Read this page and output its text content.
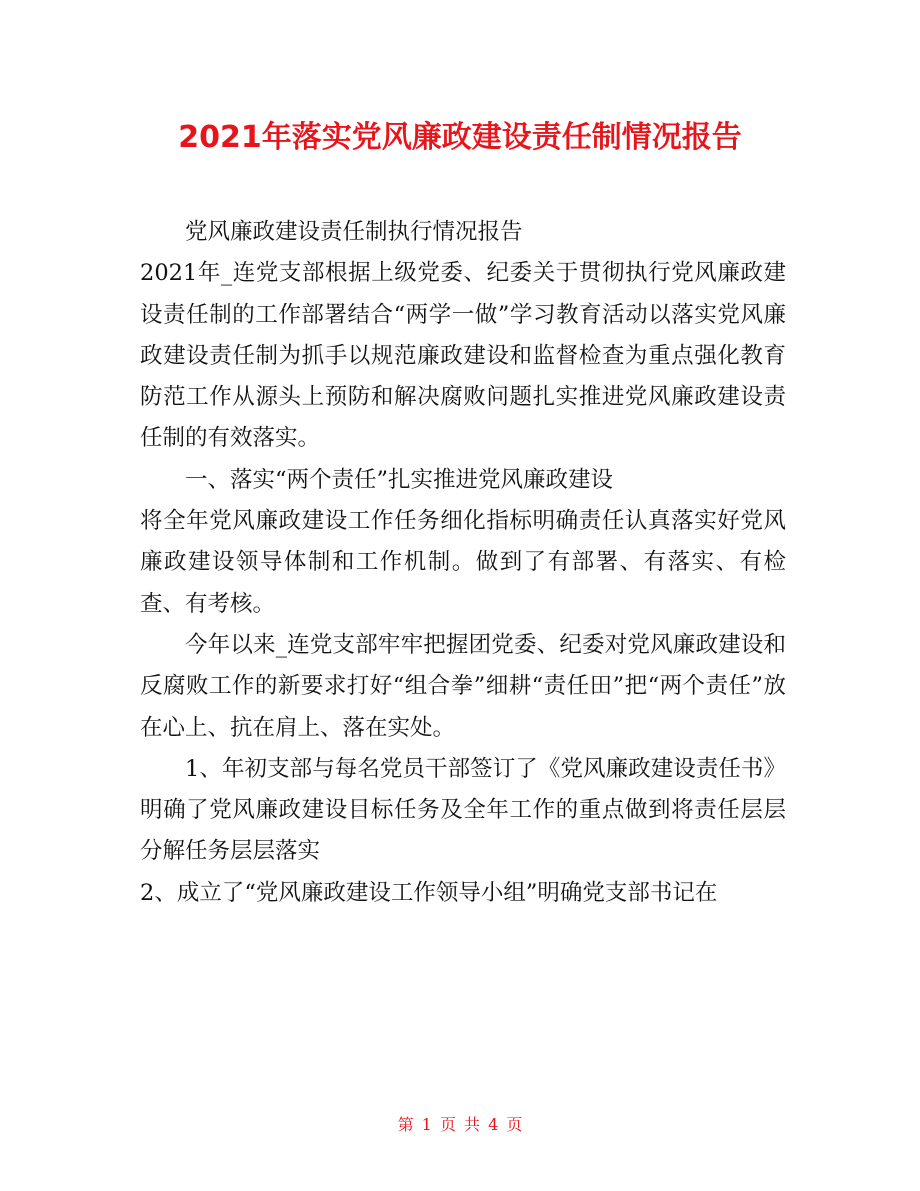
2021年落实党风廉政建设责任制情况报告

党风廉政建设责任制执行情况报告

2021年_连党支部根据上级党委、纪委关于贯彻执行党风廉政建设责任制的工作部署结合“两学一做”学习教育活动以落实党风廉政建设责任制为抓手以规范廉政建设和监督检查为重点强化教育防范工作从源头上预防和解决腐败问题扎实推进党风廉政建设责任制的有效落实。

一、落实“两个责任”扎实推进党风廉政建设

将全年党风廉政建设工作任务细化指标明确责任认真落实好党风廉政建设领导体制和工作机制。做到了有部署、有落实、有检查、有考核。

今年以来_连党支部牢牢把握团党委、纪委对党风廉政建设和反腐败工作的新要求打好“组合拳”细耕“责任田”把“两个责任”放在心上、抗在肩上、落在实处。

1、年初支部与每名党员干部签订了《党风廉政建设责任书》明确了党风廉政建设目标任务及全年工作的重点做到将责任层层分解任务层层落实

2、成立了“党风廉政建设工作领导小组”明确党支部书记在

第 1 页 共 4 页
